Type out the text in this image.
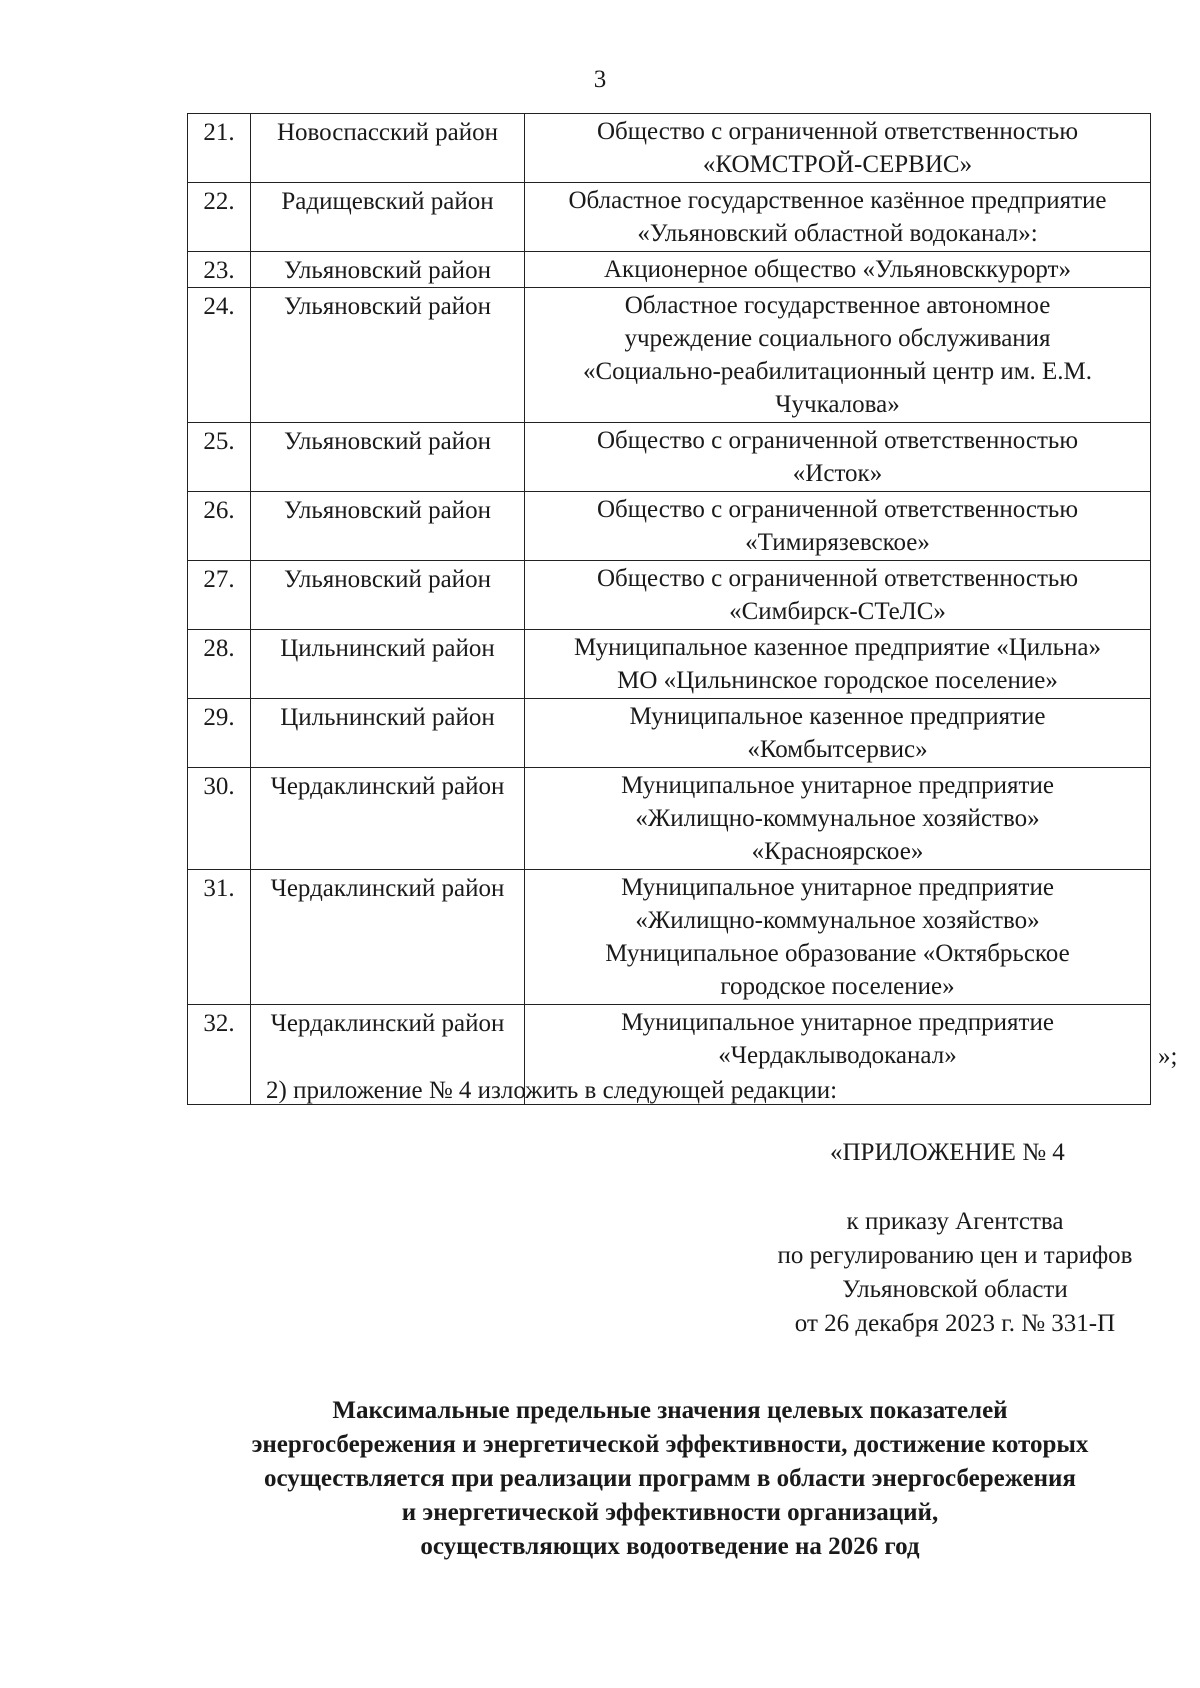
3
21.	Новоспасский район	Общество с ограниченной ответственностью
«КОМСТРОЙ-СЕРВИС»

22.	Радищевский район	Областное государственное казённое предприятие
«Ульяновский областной водоканал»:

23.	Ульяновский район	Акционерное общество «Ульяновсккурорт»

24.	Ульяновский район	Областное государственное автономное
учреждение социального обслуживания
«Социально-реабилитационный центр им. Е.М.
Чучкалова»

25.	Ульяновский район	Общество с ограниченной ответственностью
«Исток»

26.	Ульяновский район	Общество с ограниченной ответственностью
«Тимирязевское»

27.	Ульяновский район	Общество с ограниченной ответственностью
«Симбирск-СТеЛС»

28.	Цильнинский район	Муниципальное казенное предприятие «Цильна»
МО «Цильнинское городское поселение»

29.	Цильнинский район	Муниципальное казенное предприятие
«Комбытсервис»

30.	Чердаклинский район	Муниципальное унитарное предприятие
«Жилищно-коммунальное хозяйство»
«Красноярское»

31.	Чердаклинский район	Муниципальное унитарное предприятие
«Жилищно-коммунальное хозяйство»
Муниципальное образование «Октябрьское
городское поселение»

32.	Чердаклинский район	Муниципальное унитарное предприятие
«Чердаклыводоканал»	»;
2) приложение № 4 изложить в следующей редакции:
«ПРИЛОЖЕНИЕ № 4
к приказу Агентства
по регулированию цен и тарифов
Ульяновской области
от 26 декабря 2023 г. № 331-П
Максимальные предельные значения целевых показателей
энергосбережения и энергетической эффективности, достижение которых
осуществляется при реализации программ в области энергосбережения
и энергетической эффективности организаций,
осуществляющих водоотведение на 2026 год
